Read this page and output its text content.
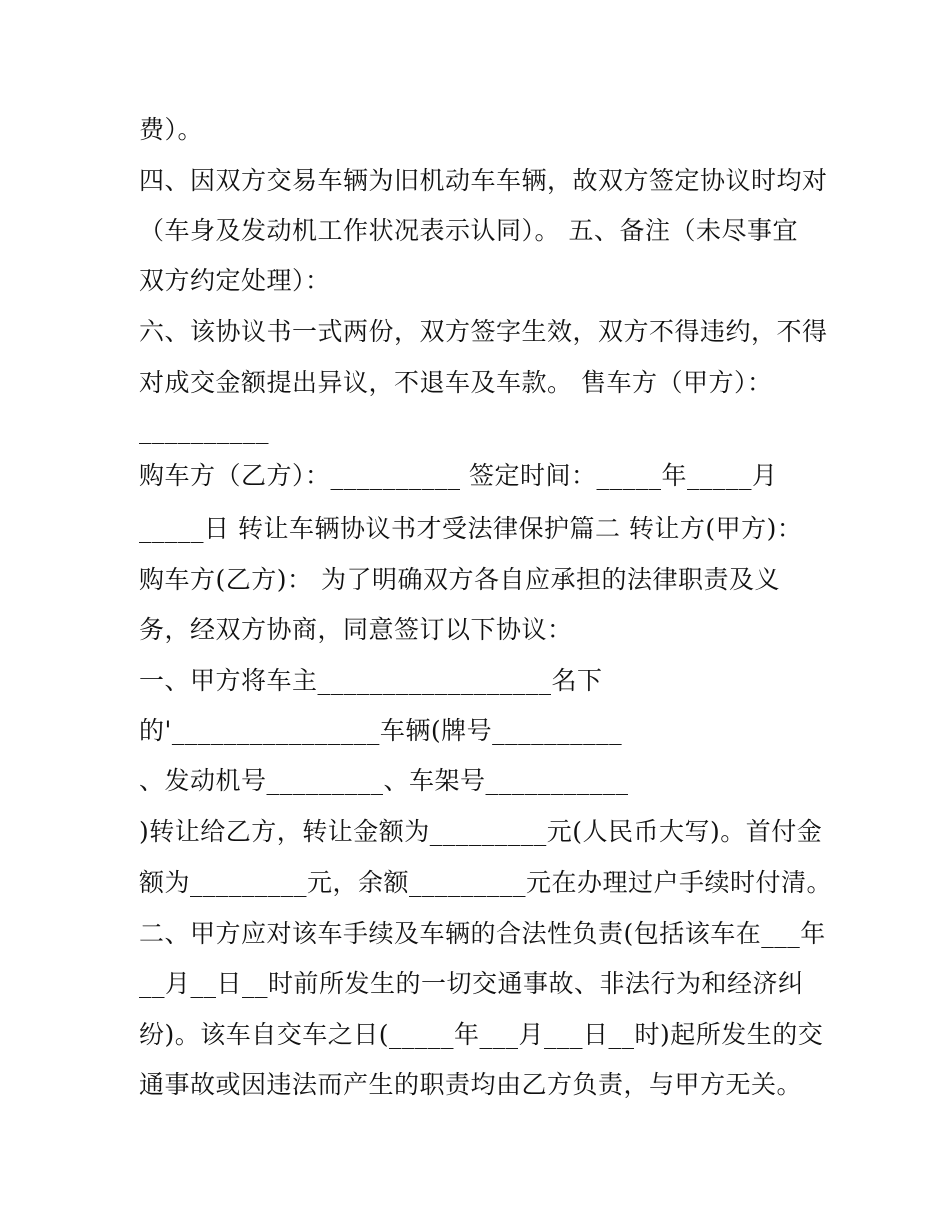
费）。
四、因双方交易车辆为旧机动车车辆，故双方签定协议时均对
（车身及发动机工作状况表示认同）。 五、备注（未尽事宜
双方约定处理）：
六、该协议书一式两份，双方签字生效，双方不得违约，不得
对成交金额提出异议，不退车及车款。 售车方（甲方）：
__________
购车方（乙方）：__________ 签定时间：_____年_____月
_____日 转让车辆协议书才受法律保护篇二 转让方(甲方)：
购车方(乙方)： 为了明确双方各自应承担的法律职责及义
务，经双方协商，同意签订以下协议：
一、甲方将车主__________________名下
的'________________车辆(牌号__________
、发动机号_________、车架号___________
)转让给乙方，转让金额为_________元(人民币大写)。首付金
额为_________元，余额_________元在办理过户手续时付清。
二、甲方应对该车手续及车辆的合法性负责(包括该车在___年
__月__日__时前所发生的一切交通事故、非法行为和经济纠
纷)。该车自交车之日(_____年___月___日__时)起所发生的交
通事故或因违法而产生的职责均由乙方负责，与甲方无关。
